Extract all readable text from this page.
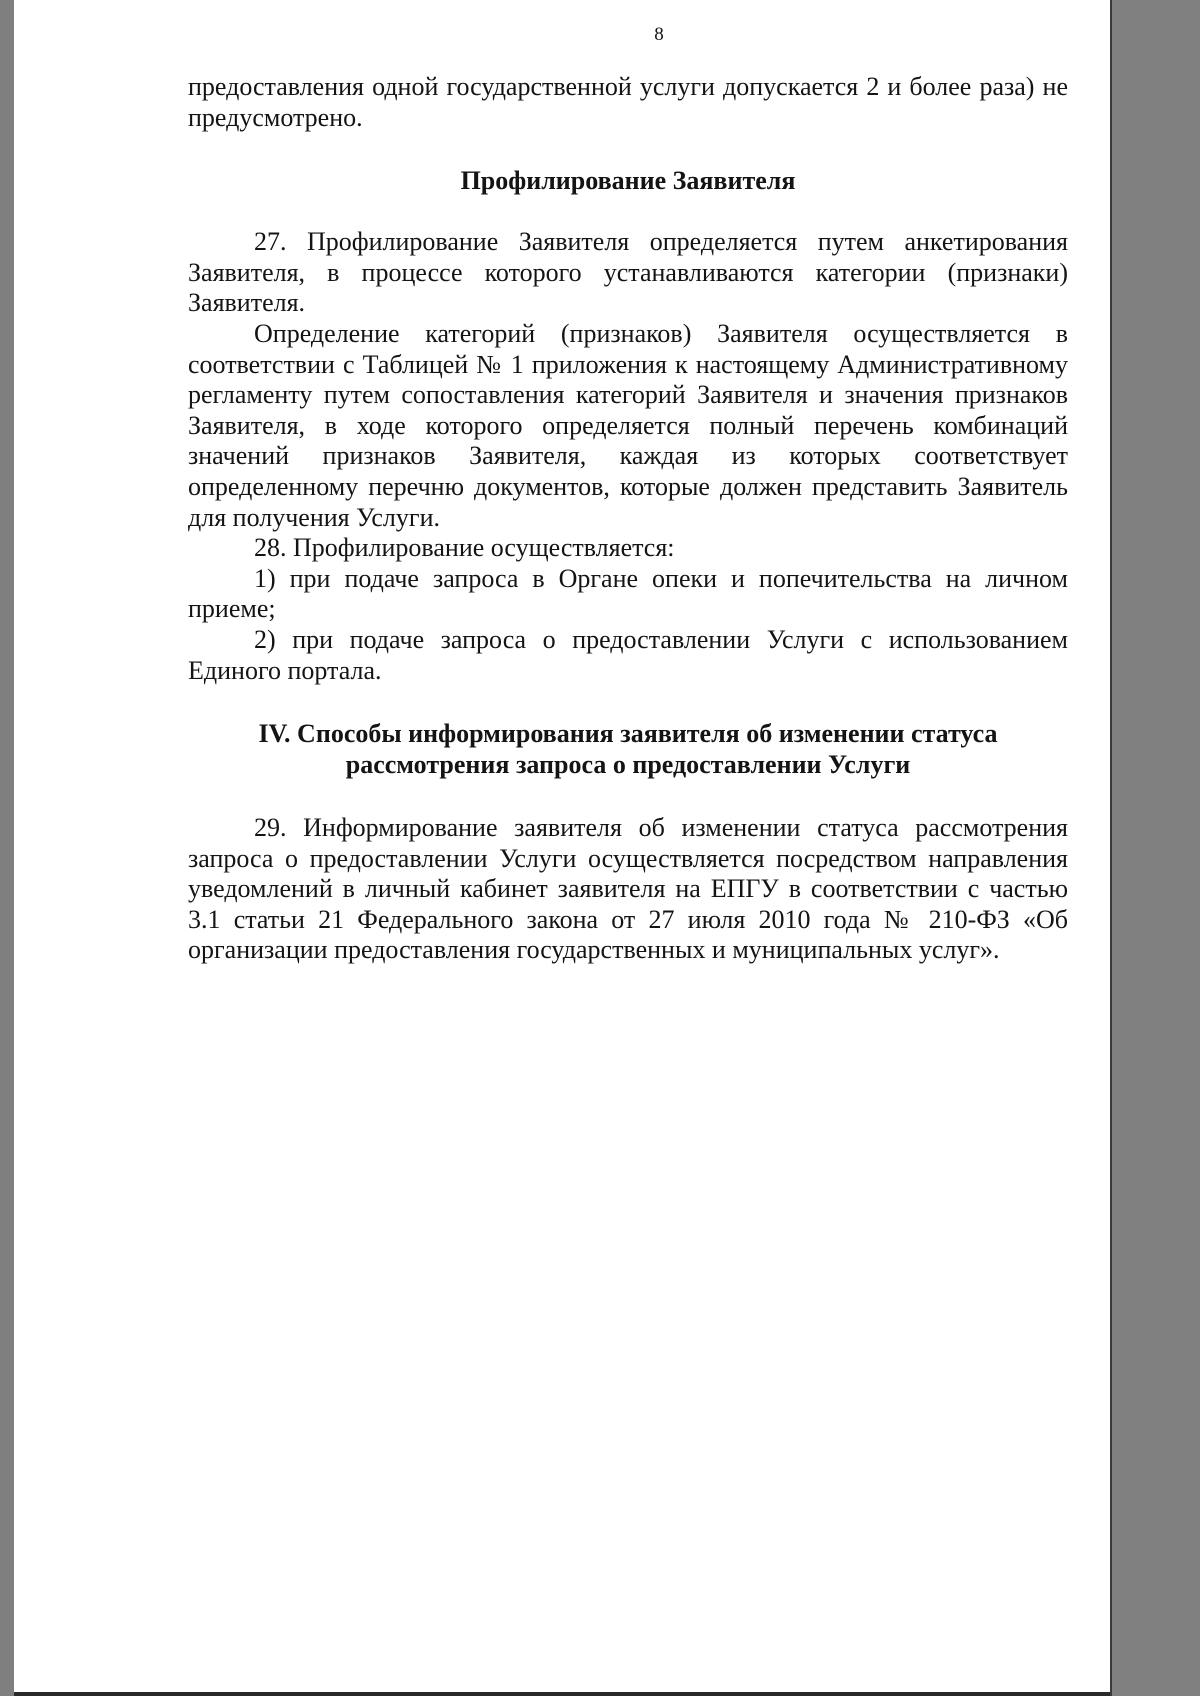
8

предоставления одной государственной услуги допускается 2 и более раза) не предусмотрено.

Профилирование Заявителя

27. Профилирование Заявителя определяется путем анкетирования Заявителя, в процессе которого устанавливаются категории (признаки) Заявителя.

Определение категорий (признаков) Заявителя осуществляется в соответствии с Таблицей № 1 приложения к настоящему Административному регламенту путем сопоставления категорий Заявителя и значения признаков Заявителя, в ходе которого определяется полный перечень комбинаций значений признаков Заявителя, каждая из которых соответствует определенному перечню документов, которые должен представить Заявитель для получения Услуги.

28. Профилирование осуществляется:

1) при подаче запроса в Органе опеки и попечительства на личном приеме;

2) при подаче запроса о предоставлении Услуги с использованием Единого портала.

IV. Способы информирования заявителя об изменении статуса
рассмотрения запроса о предоставлении Услуги

29. Информирование заявителя об изменении статуса рассмотрения запроса о предоставлении Услуги осуществляется посредством направления уведомлений в личный кабинет заявителя на ЕПГУ в соответствии с частью 3.1 статьи 21 Федерального закона от 27 июля 2010 года № 210-ФЗ «Об организации предоставления государственных и муниципальных услуг».
